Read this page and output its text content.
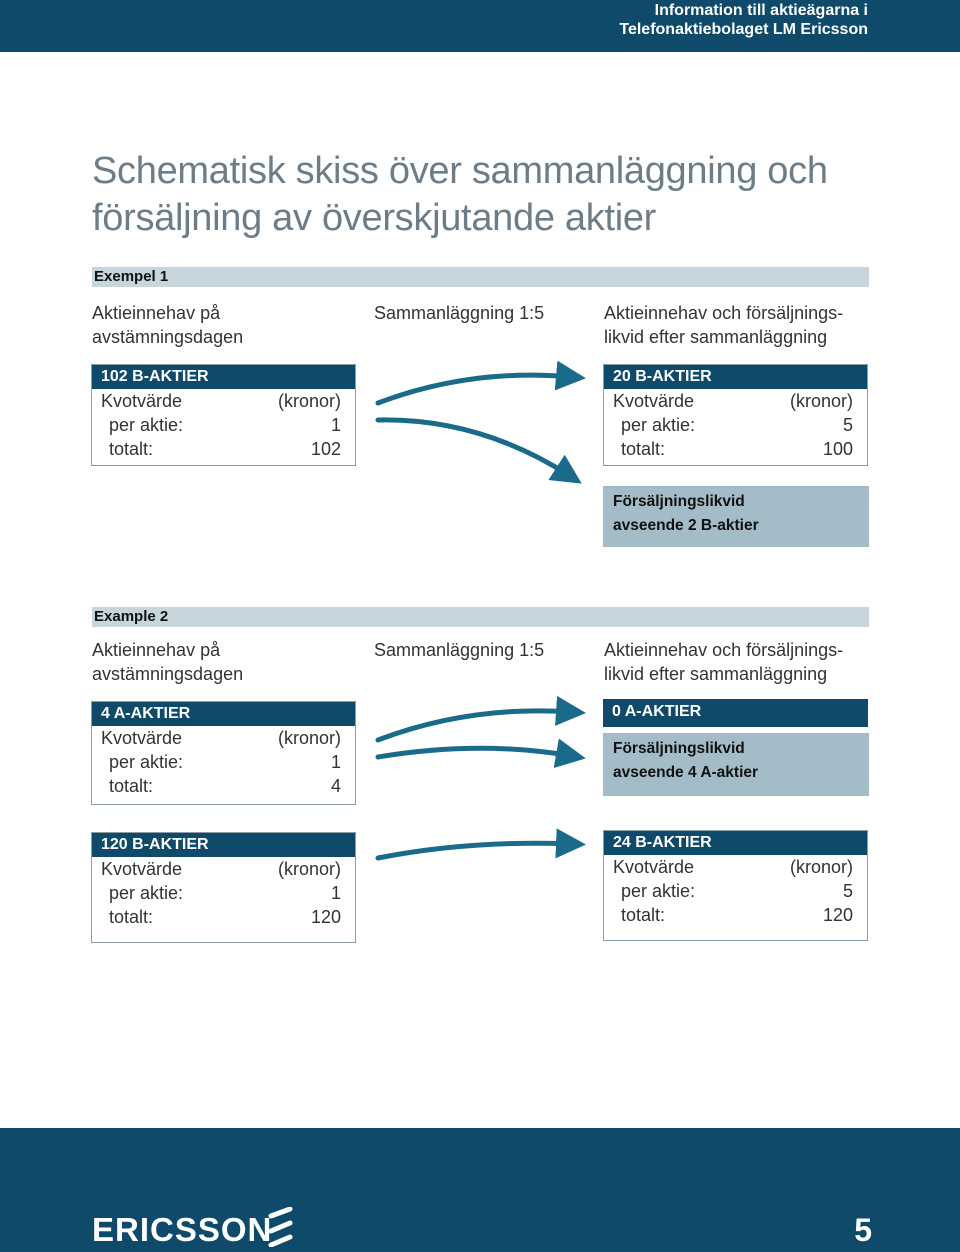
Information till aktieägarna i
Telefonaktiebolaget LM Ericsson
Schematisk skiss över sammanläggning och
försäljning av överskjutande aktier
Exempel 1
Aktieinnehav på
avstämningsdagen
Sammanläggning 1:5	Aktieinnehav och försäljnings-
likvid efter sammanläggning
102 B-AKTIER
Kvotvärde	(kronor)
per aktie:	1
totalt:	102
20 B-AKTIER
Kvotvärde	(kronor)
per aktie:	5
totalt:	100
Försäljningslikvid
avseende 2 B-aktier
Example 2
Aktieinnehav på
avstämningsdagen
Sammanläggning 1:5	Aktieinnehav och försäljnings-
likvid efter sammanläggning
4 A-AKTIER
Kvotvärde	(kronor)
per aktie:	1
totalt:	4
0 A-AKTIER
Försäljningslikvid
avseende 4 A-aktier
120 B-AKTIER
Kvotvärde	(kronor)
per aktie:	1
totalt:	120
24 B-AKTIER
Kvotvärde	(kronor)
per aktie:	5
totalt:	120
ERICSSON	5
